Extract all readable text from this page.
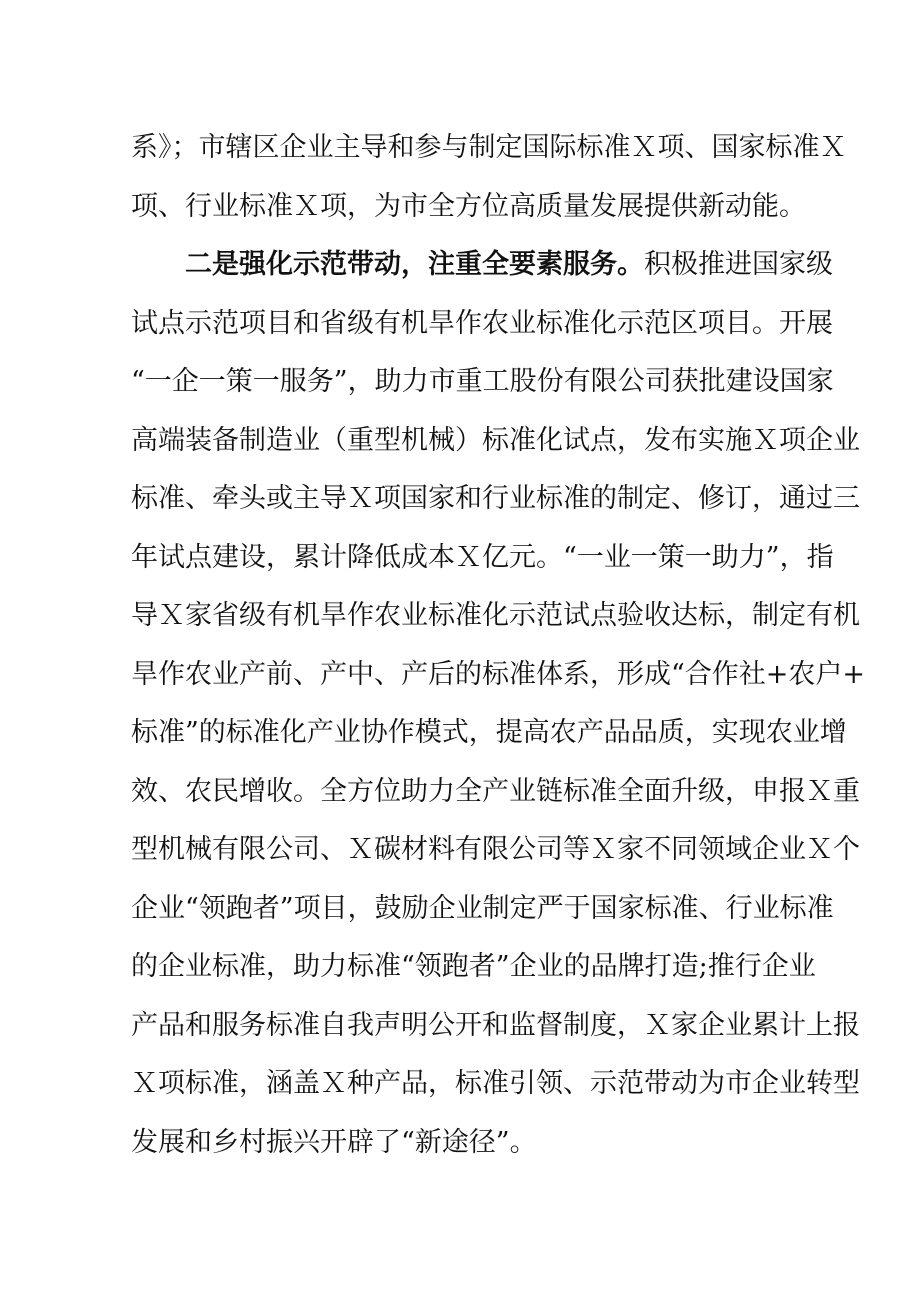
系》；市辖区企业主导和参与制定国际标准Ｘ项、国家标准Ｘ
项、行业标准Ｘ项，为市全方位高质量发展提供新动能。
二是强化示范带动，注重全要素服务。积极推进国家级
试点示范项目和省级有机旱作农业标准化示范区项目。开展
“一企一策一服务”，助力市重工股份有限公司获批建设国家
高端装备制造业（重型机械）标准化试点，发布实施Ｘ项企业
标准、牵头或主导Ｘ项国家和行业标准的制定、修订，通过三
年试点建设，累计降低成本Ｘ亿元。“一业一策一助力”，指
导Ｘ家省级有机旱作农业标准化示范试点验收达标，制定有机
旱作农业产前、产中、产后的标准体系，形成“合作社+农户+
标准”的标准化产业协作模式，提高农产品品质，实现农业增
效、农民增收。全方位助力全产业链标准全面升级，申报Ｘ重
型机械有限公司、Ｘ碳材料有限公司等Ｘ家不同领域企业Ｘ个
企业“领跑者”项目，鼓励企业制定严于国家标准、行业标准
的企业标准，助力标准“领跑者”企业的品牌打造;推行企业
产品和服务标准自我声明公开和监督制度，Ｘ家企业累计上报
Ｘ项标准，涵盖Ｘ种产品，标准引领、示范带动为市企业转型
发展和乡村振兴开辟了“新途径”。
